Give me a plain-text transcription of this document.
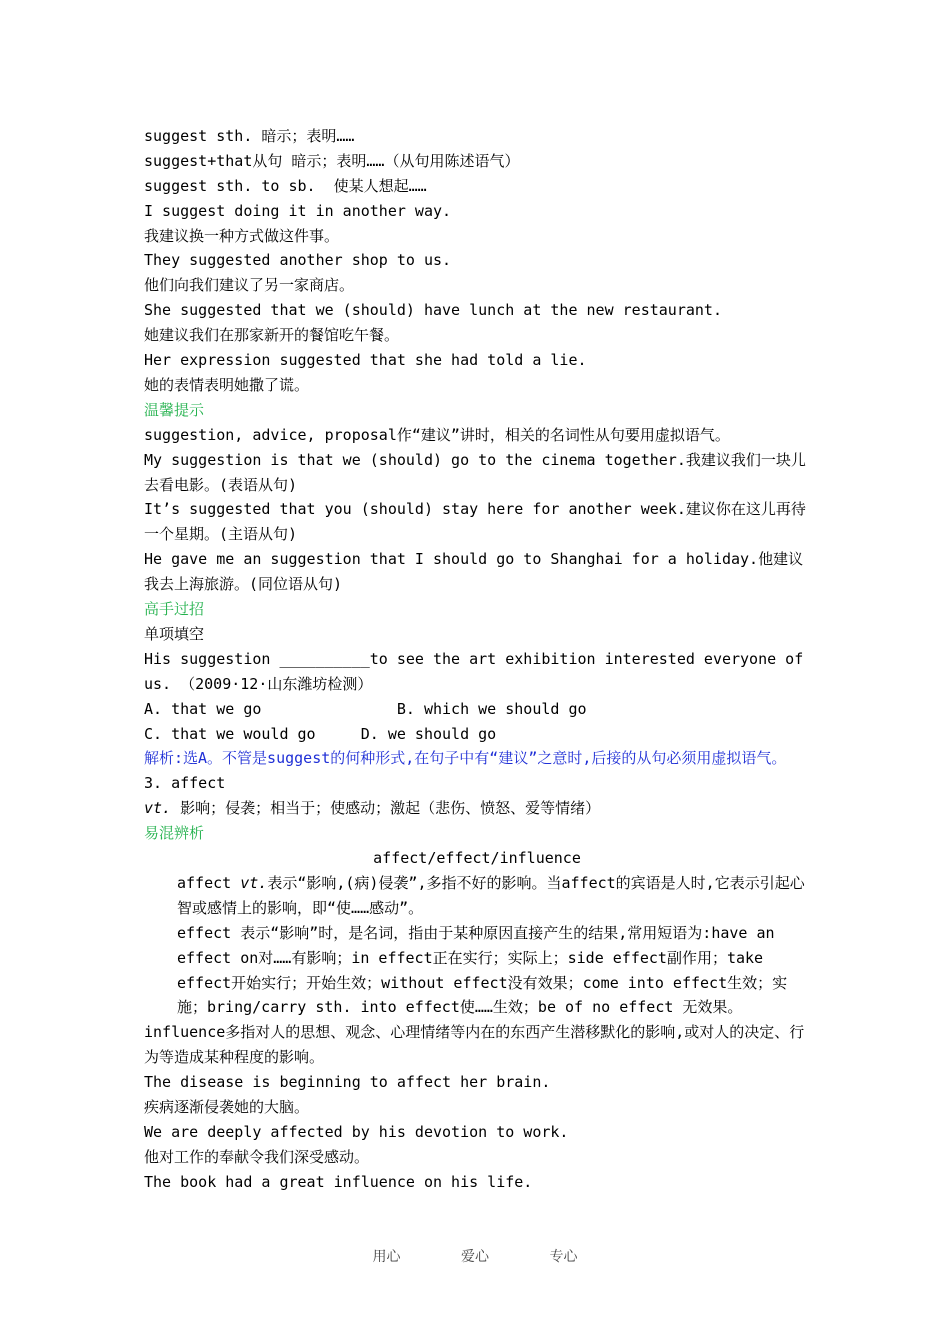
suggest sth. 暗示；表明……
suggest+that从句 暗示；表明……（从句用陈述语气）
suggest sth. to sb.  使某人想起……
I suggest doing it in another way.
我建议换一种方式做这件事。
They suggested another shop to us.
他们向我们建议了另一家商店。
She suggested that we (should) have lunch at the new restaurant.
她建议我们在那家新开的餐馆吃午餐。
Her expression suggested that she had told a lie.
她的表情表明她撒了谎。
温馨提示
suggestion, advice, proposal作“建议”讲时，相关的名词性从句要用虚拟语气。
My suggestion is that we (should) go to the cinema together.我建议我们一块儿去看电影。(表语从句)
It’s suggested that you (should) stay here for another week.建议你在这儿再待一个星期。(主语从句)
He gave me an suggestion that I should go to Shanghai for a holiday.他建议我去上海旅游。(同位语从句)
高手过招
单项填空
His suggestion __________to see the art exhibition interested everyone of us. （2009·12·山东潍坊检测）
A. that we go               B. which we should go
C. that we would go     D. we should go
解析:选A。不管是suggest的何种形式,在句子中有“建议”之意时,后接的从句必须用虚拟语气。
3. affect
vt. 影响；侵袭；相当于；使感动；激起（悲伤、愤怒、爱等情绪）
易混辨析
affect/effect/influence
affect vt.表示“影响,(病)侵袭”,多指不好的影响。当affect的宾语是人时,它表示引起心智或感情上的影响，即“使……感动”。
effect 表示“影响”时，是名词，指由于某种原因直接产生的结果,常用短语为:have an effect on对……有影响；in effect正在实行；实际上；side effect副作用；take effect开始实行；开始生效；without effect没有效果；come into effect生效；实施；bring/carry sth. into effect使……生效；be of no effect 无效果。
influence多指对人的思想、观念、心理情绪等内在的东西产生潜移默化的影响,或对人的决定、行为等造成某种程度的影响。
The disease is beginning to affect her brain.
疾病逐渐侵袭她的大脑。
We are deeply affected by his devotion to work.
他对工作的奉献令我们深受感动。
The book had a great influence on his life.
用心	爱心	专心
